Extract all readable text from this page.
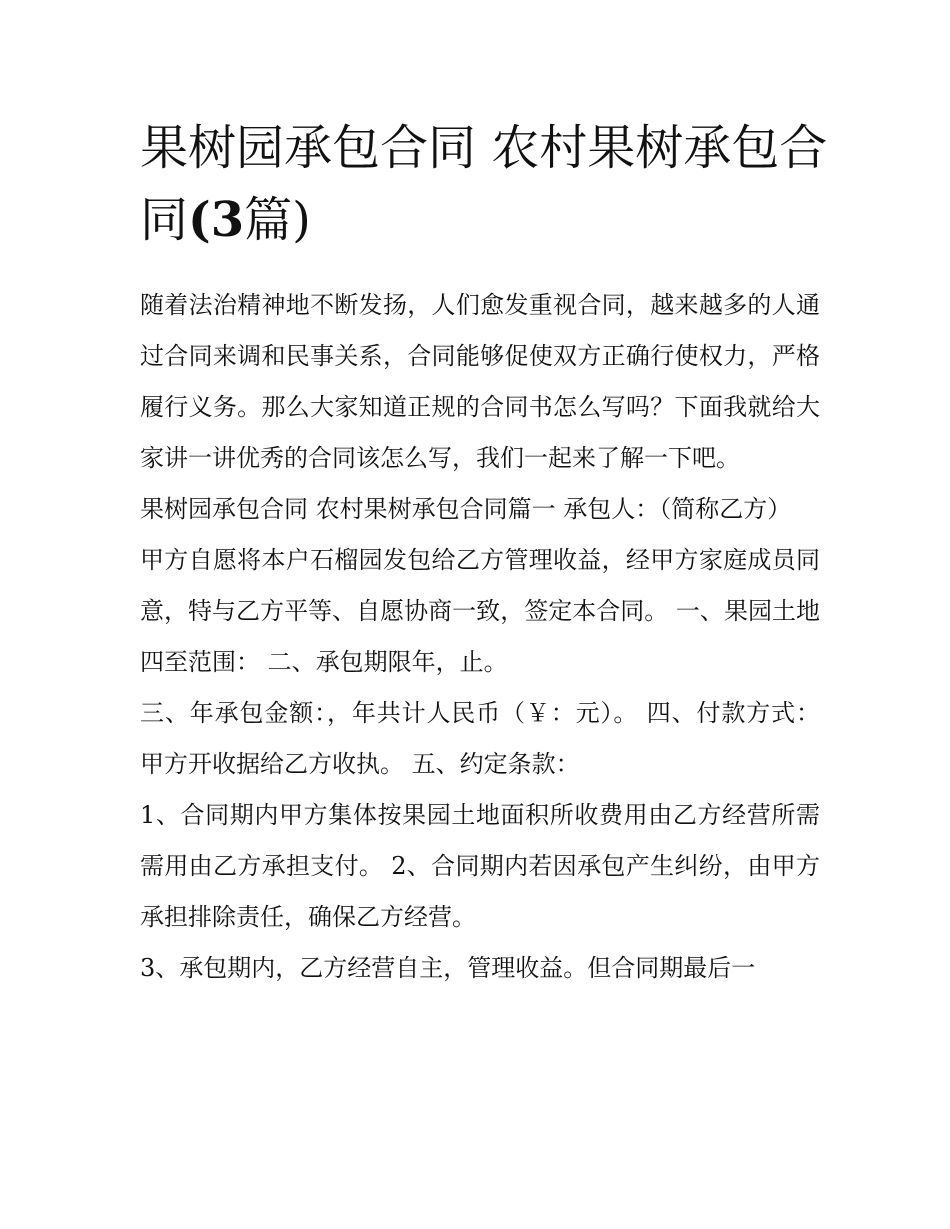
果树园承包合同 农村果树承包合同(3篇)

随着法治精神地不断发扬，人们愈发重视合同，越来越多的人通过合同来调和民事关系，合同能够促使双方正确行使权力，严格履行义务。那么大家知道正规的合同书怎么写吗？下面我就给大家讲一讲优秀的合同该怎么写，我们一起来了解一下吧。

果树园承包合同 农村果树承包合同篇一 承包人：（简称乙方）

甲方自愿将本户石榴园发包给乙方管理收益，经甲方家庭成员同意，特与乙方平等、自愿协商一致，签定本合同。 一、果园土地四至范围： 二、承包期限年，止。

三、年承包金额：，年共计人民币（￥：元）。 四、付款方式： 甲方开收据给乙方收执。 五、约定条款：

1、合同期内甲方集体按果园土地面积所收费用由乙方经营所需需用由乙方承担支付。 2、合同期内若因承包产生纠纷，由甲方承担排除责任，确保乙方经营。

3、承包期内，乙方经营自主，管理收益。但合同期最后一
